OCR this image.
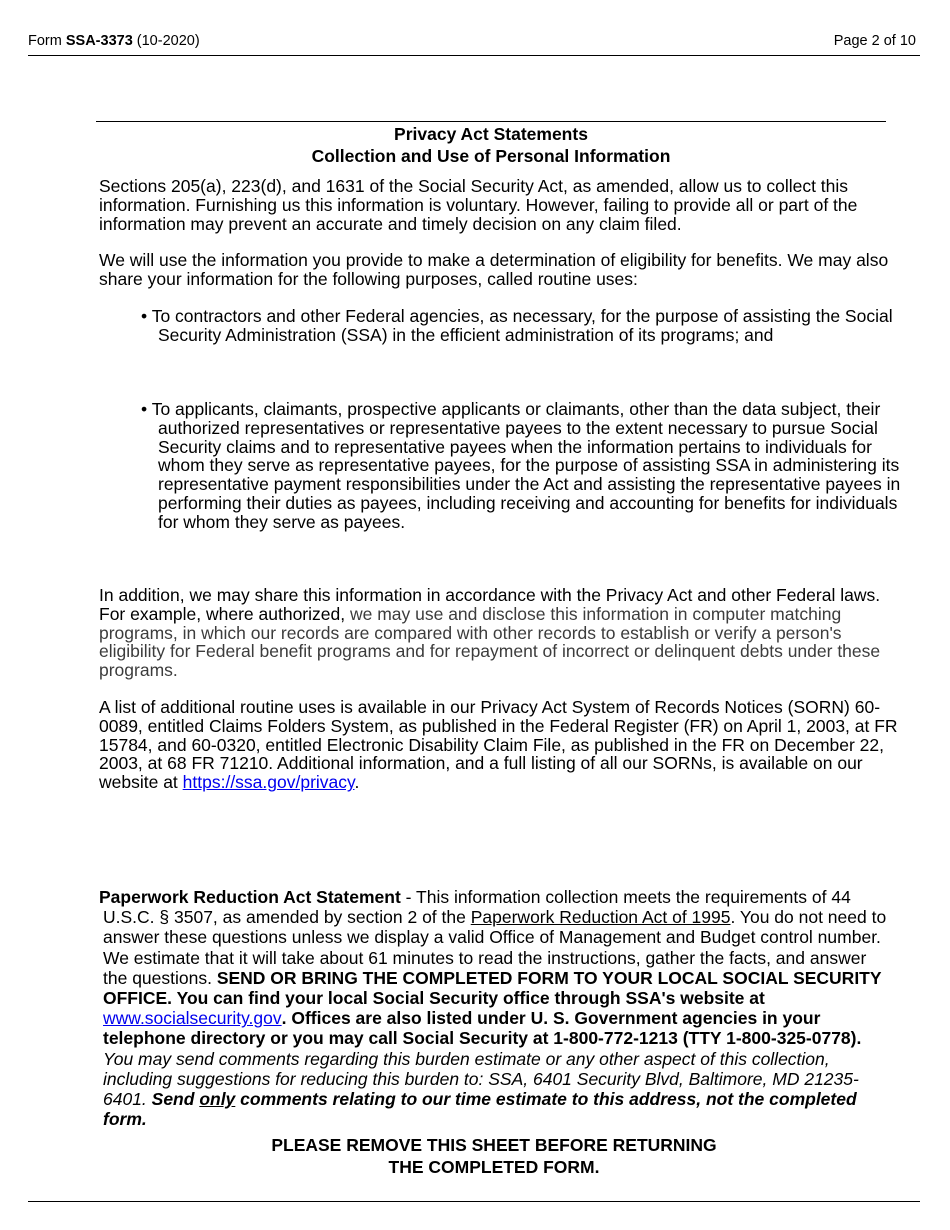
Form SSA-3373 (10-2020)	Page 2 of 10
Privacy Act Statements
Collection and Use of Personal Information

Sections 205(a), 223(d), and 1631 of the Social Security Act, as amended, allow us to collect this information. Furnishing us this information is voluntary. However, failing to provide all or part of the information may prevent an accurate and timely decision on any claim filed.

We will use the information you provide to make a determination of eligibility for benefits. We may also share your information for the following purposes, called routine uses:

• To contractors and other Federal agencies, as necessary, for the purpose of assisting the Social Security Administration (SSA) in the efficient administration of its programs; and

• To applicants, claimants, prospective applicants or claimants, other than the data subject, their authorized representatives or representative payees to the extent necessary to pursue Social Security claims and to representative payees when the information pertains to individuals for whom they serve as representative payees, for the purpose of assisting SSA in administering its representative payment responsibilities under the Act and assisting the representative payees in performing their duties as payees, including receiving and accounting for benefits for individuals for whom they serve as payees.

In addition, we may share this information in accordance with the Privacy Act and other Federal laws. For example, where authorized, we may use and disclose this information in computer matching programs, in which our records are compared with other records to establish or verify a person's eligibility for Federal benefit programs and for repayment of incorrect or delinquent debts under these programs.

A list of additional routine uses is available in our Privacy Act System of Records Notices (SORN) 60-0089, entitled Claims Folders System, as published in the Federal Register (FR) on April 1, 2003, at FR 15784, and 60-0320, entitled Electronic Disability Claim File, as published in the FR on December 22, 2003, at 68 FR 71210. Additional information, and a full listing of all our SORNs, is available on our website at https://ssa.gov/privacy.

Paperwork Reduction Act Statement - This information collection meets the requirements of 44 U.S.C. § 3507, as amended by section 2 of the Paperwork Reduction Act of 1995. You do not need to answer these questions unless we display a valid Office of Management and Budget control number. We estimate that it will take about 61 minutes to read the instructions, gather the facts, and answer the questions. SEND OR BRING THE COMPLETED FORM TO YOUR LOCAL SOCIAL SECURITY OFFICE. You can find your local Social Security office through SSA's website at www.socialsecurity.gov. Offices are also listed under U. S. Government agencies in your telephone directory or you may call Social Security at 1-800-772-1213 (TTY 1-800-325-0778). You may send comments regarding this burden estimate or any other aspect of this collection, including suggestions for reducing this burden to: SSA, 6401 Security Blvd, Baltimore, MD 21235-6401. Send only comments relating to our time estimate to this address, not the completed form.

PLEASE REMOVE THIS SHEET BEFORE RETURNING
THE COMPLETED FORM.
